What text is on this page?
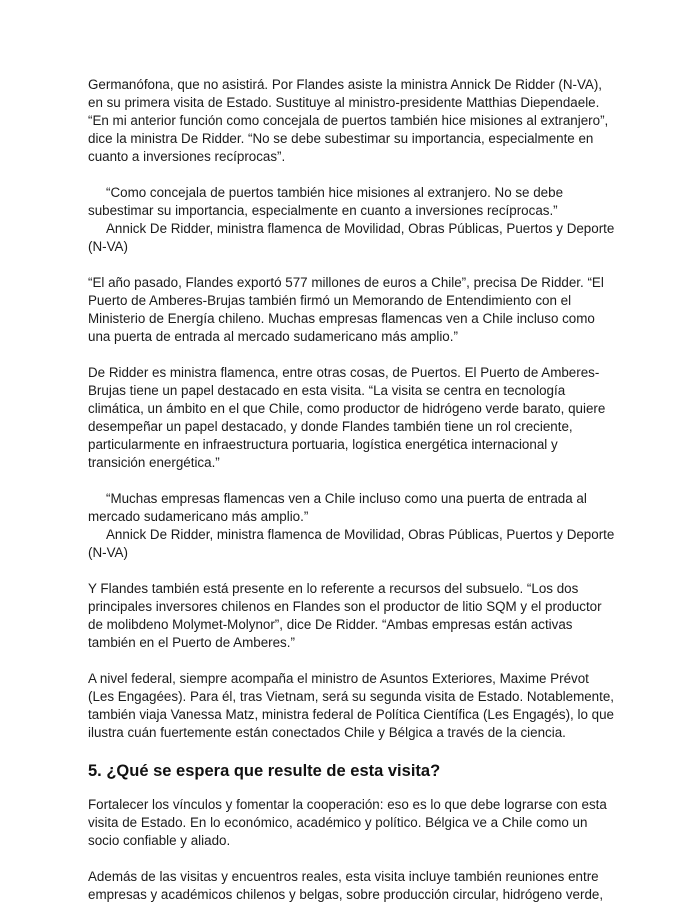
Germanófona, que no asistirá. Por Flandes asiste la ministra Annick De Ridder (N-VA), en su primera visita de Estado. Sustituye al ministro-presidente Matthias Diependaele. “En mi anterior función como concejala de puertos también hice misiones al extranjero”, dice la ministra De Ridder. “No se debe subestimar su importancia, especialmente en cuanto a inversiones recíprocas”.

“Como concejala de puertos también hice misiones al extranjero. No se debe subestimar su importancia, especialmente en cuanto a inversiones recíprocas.”

Annick De Ridder, ministra flamenca de Movilidad, Obras Públicas, Puertos y Deporte (N-VA)

“El año pasado, Flandes exportó 577 millones de euros a Chile”, precisa De Ridder. “El Puerto de Amberes-Brujas también firmó un Memorando de Entendimiento con el Ministerio de Energía chileno. Muchas empresas flamencas ven a Chile incluso como una puerta de entrada al mercado sudamericano más amplio.”

De Ridder es ministra flamenca, entre otras cosas, de Puertos. El Puerto de Amberes-Brujas tiene un papel destacado en esta visita. “La visita se centra en tecnología climática, un ámbito en el que Chile, como productor de hidrógeno verde barato, quiere desempeñar un papel destacado, y donde Flandes también tiene un rol creciente, particularmente en infraestructura portuaria, logística energética internacional y transición energética.”

“Muchas empresas flamencas ven a Chile incluso como una puerta de entrada al mercado sudamericano más amplio.”

Annick De Ridder, ministra flamenca de Movilidad, Obras Públicas, Puertos y Deporte (N-VA)

Y Flandes también está presente en lo referente a recursos del subsuelo. “Los dos principales inversores chilenos en Flandes son el productor de litio SQM y el productor de molibdeno Molymet-Molynor”, dice De Ridder. “Ambas empresas están activas también en el Puerto de Amberes.”

A nivel federal, siempre acompaña el ministro de Asuntos Exteriores, Maxime Prévot (Les Engagées). Para él, tras Vietnam, será su segunda visita de Estado. Notablemente, también viaja Vanessa Matz, ministra federal de Política Científica (Les Engagés), lo que ilustra cuán fuertemente están conectados Chile y Bélgica a través de la ciencia.

5. ¿Qué se espera que resulte de esta visita?

Fortalecer los vínculos y fomentar la cooperación: eso es lo que debe lograrse con esta visita de Estado. En lo económico, académico y político. Bélgica ve a Chile como un socio confiable y aliado.

Además de las visitas y encuentros reales, esta visita incluye también reuniones entre empresas y académicos chilenos y belgas, sobre producción circular, hidrógeno verde,
